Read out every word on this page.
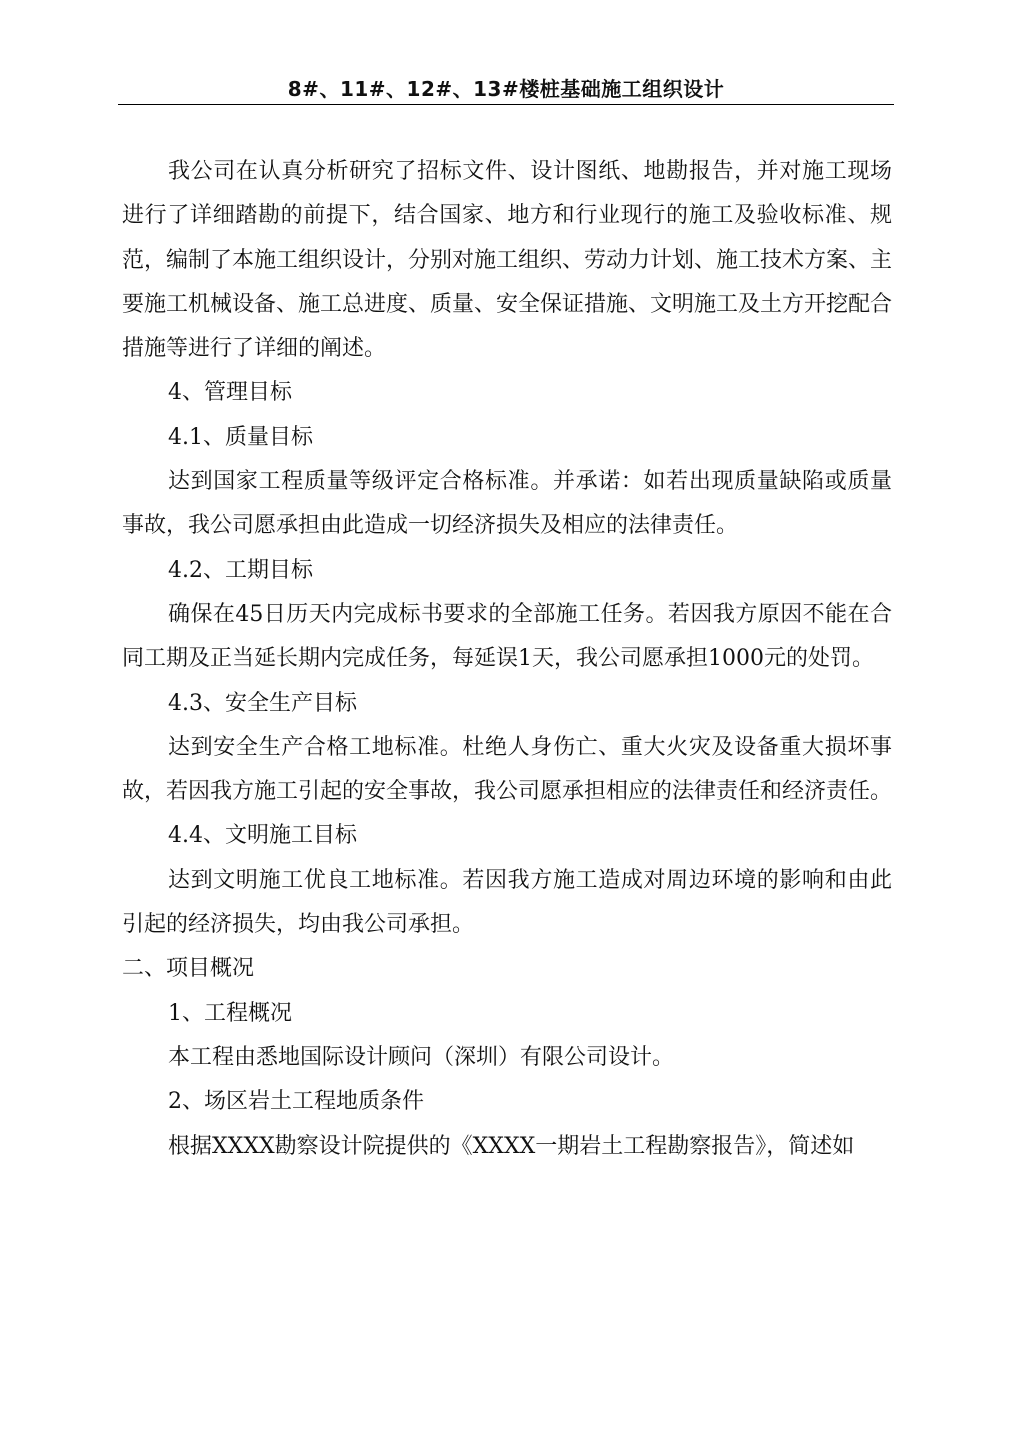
8#、11#、12#、13#楼桩基础施工组织设计

我公司在认真分析研究了招标文件、设计图纸、地勘报告，并对施工现场进行了详细踏勘的前提下，结合国家、地方和行业现行的施工及验收标准、规范，编制了本施工组织设计，分别对施工组织、劳动力计划、施工技术方案、主要施工机械设备、施工总进度、质量、安全保证措施、文明施工及土方开挖配合措施等进行了详细的阐述。

4、管理目标

4.1、质量目标

达到国家工程质量等级评定合格标准。并承诺：如若出现质量缺陷或质量事故，我公司愿承担由此造成一切经济损失及相应的法律责任。

4.2、工期目标

确保在45日历天内完成标书要求的全部施工任务。若因我方原因不能在合同工期及正当延长期内完成任务，每延误1天，我公司愿承担1000元的处罚。

4.3、安全生产目标

达到安全生产合格工地标准。杜绝人身伤亡、重大火灾及设备重大损坏事故，若因我方施工引起的安全事故，我公司愿承担相应的法律责任和经济责任。

4.4、文明施工目标

达到文明施工优良工地标准。若因我方施工造成对周边环境的影响和由此引起的经济损失，均由我公司承担。

二、项目概况

1、工程概况

本工程由悉地国际设计顾问（深圳）有限公司设计。

2、场区岩土工程地质条件

根据XXXX勘察设计院提供的《XXXX一期岩土工程勘察报告》，简述如
